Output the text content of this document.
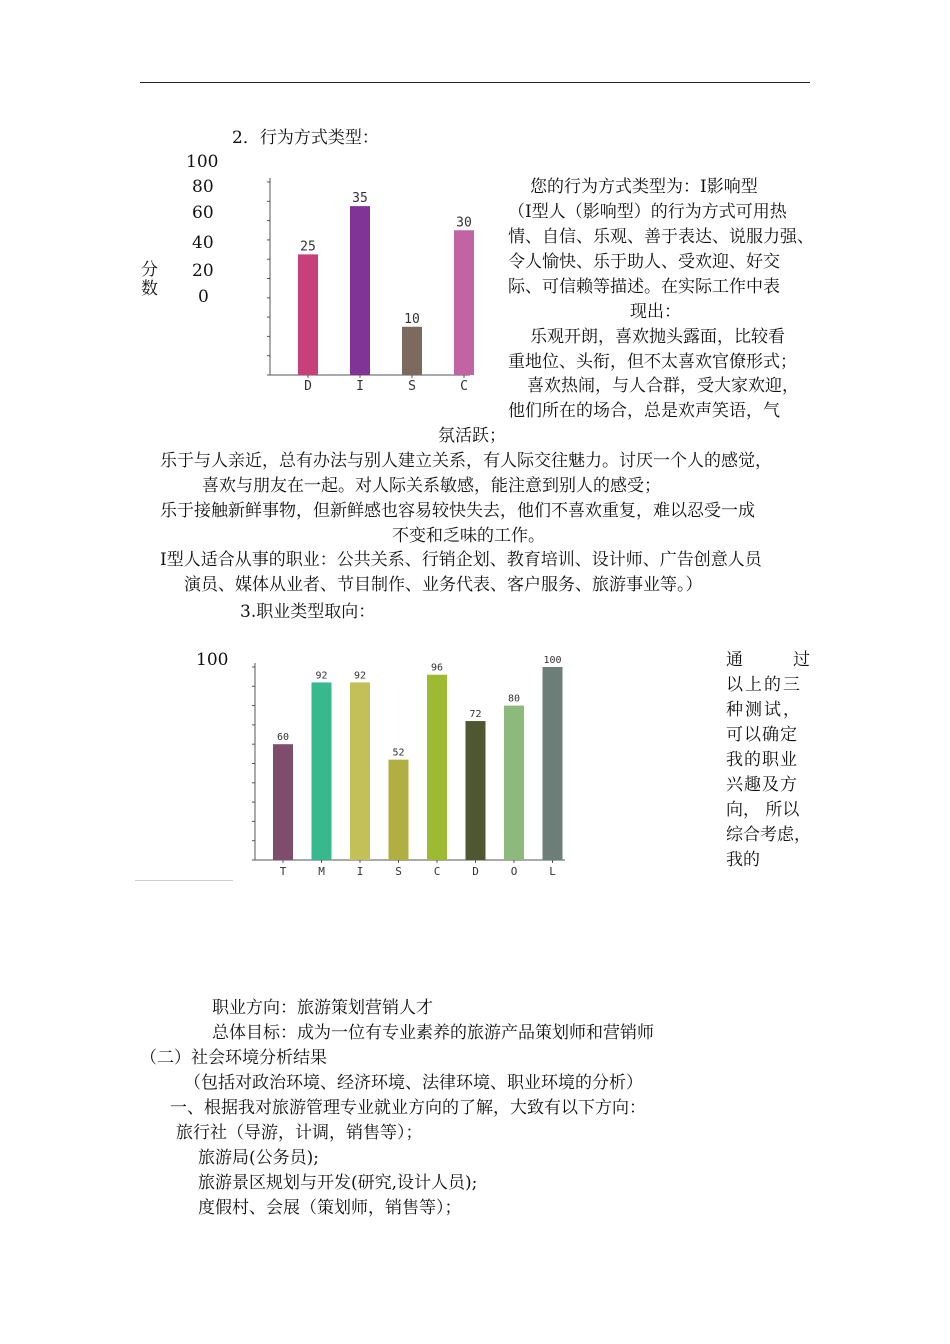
2．行为方式类型：
100
80
60
40
20
0
分
数
25
D
35
I
10
S
30
C
您的行为方式类型为：I影响型
（I型人（影响型）的行为方式可用热
情、自信、乐观、善于表达、说服力强、
令人愉快、乐于助人、受欢迎、好交
际、可信赖等描述。在实际工作中表
现出：
乐观开朗，喜欢抛头露面，比较看
重地位、头衔，但不太喜欢官僚形式；
喜欢热闹，与人合群，受大家欢迎，
他们所在的场合，总是欢声笑语，气
氛活跃；
乐于与人亲近，总有办法与别人建立关系，有人际交往魅力。讨厌一个人的感觉，
喜欢与朋友在一起。对人际关系敏感，能注意到别人的感受；
乐于接触新鲜事物，但新鲜感也容易较快失去，他们不喜欢重复，难以忍受一成
不变和乏味的工作。
I型人适合从事的职业：公共关系、行销企划、教育培训、设计师、广告创意人员
演员、媒体从业者、节目制作、业务代表、客户服务、旅游事业等。）
3.职业类型取向：
100
60
T
92
M
92
I
52
S
96
C
72
D
80
O
100
L
通 过
以上的三
种测试，
可以确定
我的职业
兴趣及方
向， 所以
综合考虑，
我的
职业方向：旅游策划营销人才
总体目标：成为一位有专业素养的旅游产品策划师和营销师
（二）社会环境分析结果
（包括对政治环境、经济环境、法律环境、职业环境的分析）
一、根据我对旅游管理专业就业方向的了解，大致有以下方向：
旅行社（导游，计调，销售等）；
旅游局(公务员);
旅游景区规划与开发(研究,设计人员);
度假村、会展（策划师，销售等）；
